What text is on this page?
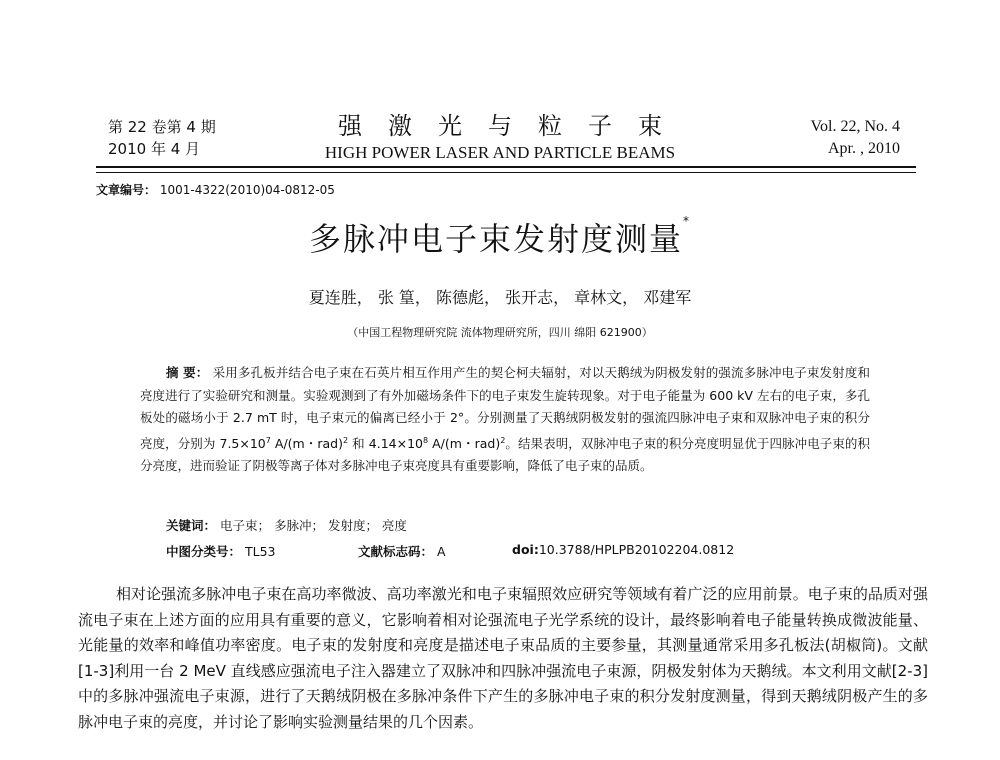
第 22 卷第 4 期
2010 年 4 月
强激光与粒子束
HIGH POWER LASER AND PARTICLE BEAMS
Vol. 22, No. 4
Apr. , 2010
文章编号： 1001-4322(2010)04-0812-05
多脉冲电子束发射度测量*
夏连胜， 张 篁， 陈德彪， 张开志， 章林文， 邓建军
（中国工程物理研究院 流体物理研究所，四川 绵阳 621900）
摘 要： 采用多孔板并结合电子束在石英片相互作用产生的契仑柯夫辐射，对以天鹅绒为阴极发射的强流多脉冲电子束发射度和亮度进行了实验研究和测量。实验观测到了有外加磁场条件下的电子束发生旋转现象。对于电子能量为 600 kV 左右的电子束，多孔板处的磁场小于 2.7 mT 时，电子束元的偏离已经小于 2°。分别测量了天鹅绒阴极发射的强流四脉冲电子束和双脉冲电子束的积分亮度，分别为 $7.5\times 10^7$ A/(m・rad)$^2$ 和 $4.14\times 10^8$ A/(m・rad)$^2$。结果表明，双脉冲电子束的积分亮度明显优于四脉冲电子束的积分亮度，进而验证了阴极等离子体对多脉冲电子束亮度具有重要影响，降低了电子束的品质。
关键词： 电子束； 多脉冲； 发射度； 亮度
中图分类号： TL53	文献标志码： A	doi:10.3788/HPLPB20102204.0812
相对论强流多脉冲电子束在高功率微波、高功率激光和电子束辐照效应研究等领域有着广泛的应用前景。电子束的品质对强流电子束在上述方面的应用具有重要的意义，它影响着相对论强流电子光学系统的设计，最终影响着电子能量转换成微波能量、光能量的效率和峰值功率密度。电子束的发射度和亮度是描述电子束品质的主要参量，其测量通常采用多孔板法(胡椒筒)。文献[1-3]利用一台 2 MeV 直线感应强流电子注入器建立了双脉冲和四脉冲强流电子束源，阴极发射体为天鹅绒。本文利用文献[2-3]中的多脉冲强流电子束源，进行了天鹅绒阴极在多脉冲条件下产生的多脉冲电子束的积分发射度测量，得到天鹅绒阴极产生的多脉冲电子束的亮度，并讨论了影响实验测量结果的几个因素。
